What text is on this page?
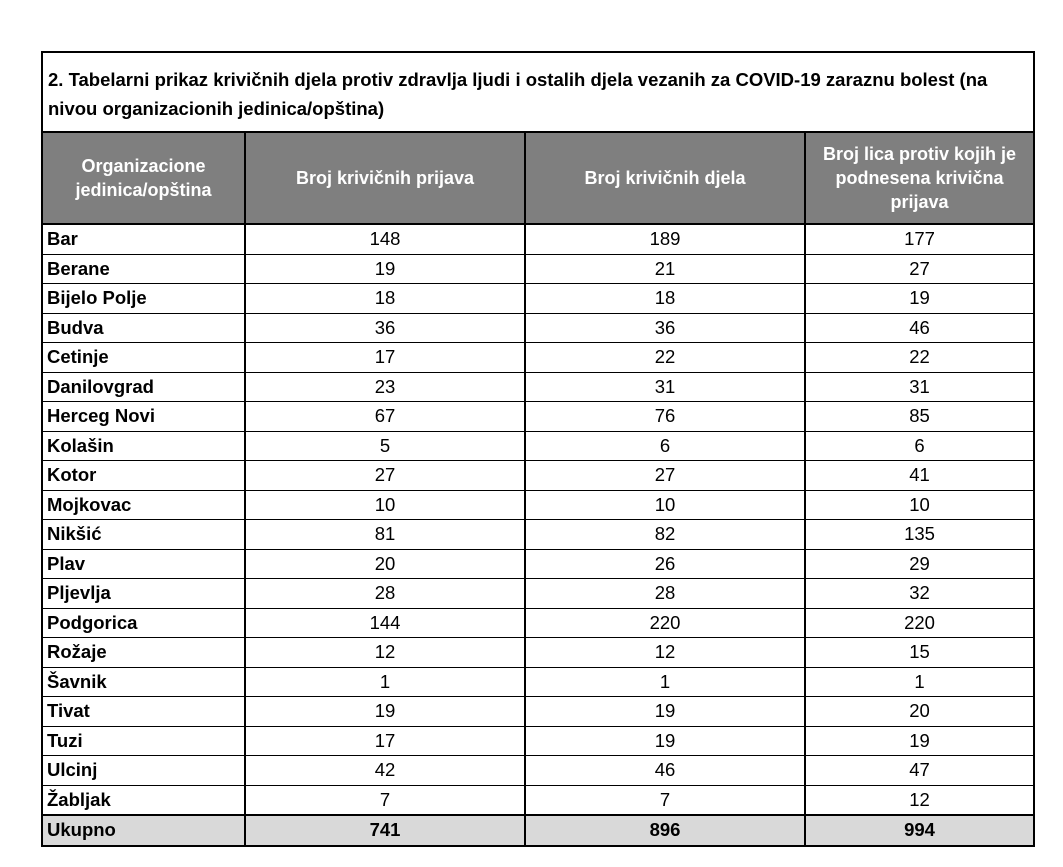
2. Tabelarni prikaz krivičnih djela protiv zdravlja ljudi i ostalih djela vezanih za COVID-19 zaraznu bolest (na nivou organizacionih jedinica/opština)
Organizacione jedinica/opština	Broj krivičnih prijava	Broj krivičnih djela	Broj lica protiv kojih je podnesena krivična prijava
Bar	148	189	177
Berane	19	21	27
Bijelo Polje	18	18	19
Budva	36	36	46
Cetinje	17	22	22
Danilovgrad	23	31	31
Herceg Novi	67	76	85
Kolašin	5	6	6
Kotor	27	27	41
Mojkovac	10	10	10
Nikšić	81	82	135
Plav	20	26	29
Pljevlja	28	28	32
Podgorica	144	220	220
Rožaje	12	12	15
Šavnik	1	1	1
Tivat	19	19	20
Tuzi	17	19	19
Ulcinj	42	46	47
Žabljak	7	7	12
Ukupno	741	896	994
